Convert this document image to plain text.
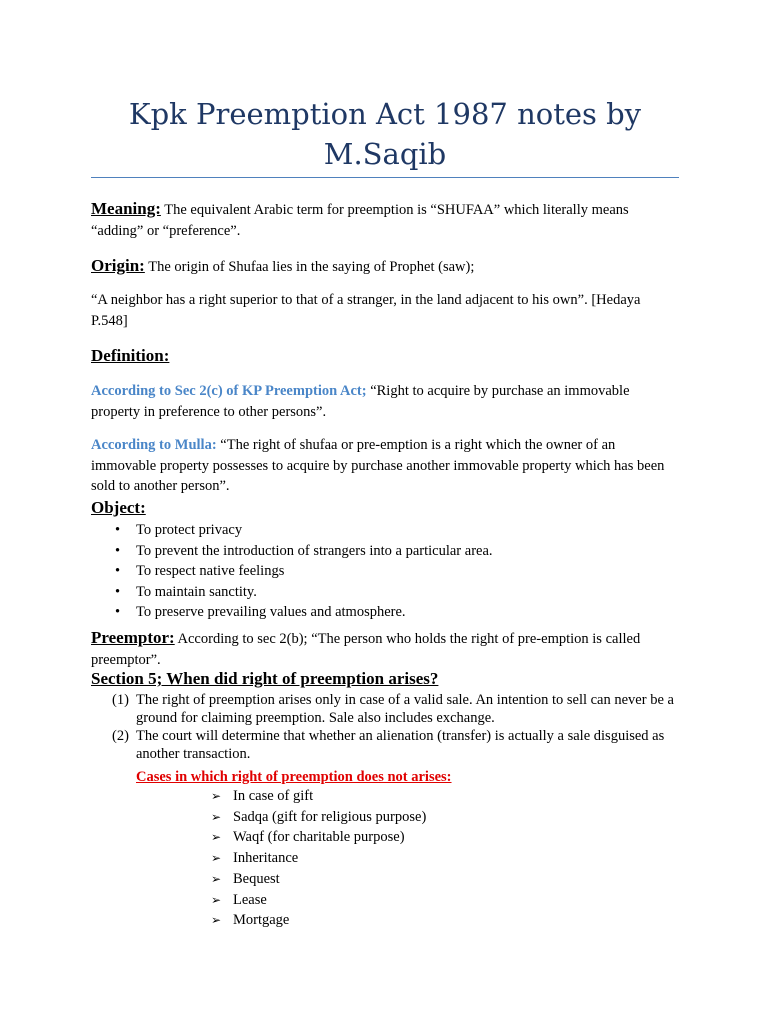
Kpk Preemption Act 1987 notes by M.Saqib

Meaning: The equivalent Arabic term for preemption is “SHUFAA” which literally means “adding” or “preference”.

Origin: The origin of Shufaa lies in the saying of Prophet (saw);

“A neighbor has a right superior to that of a stranger, in the land adjacent to his own”. [Hedaya P.548]

Definition:

According to Sec 2(c) of KP Preemption Act; “Right to acquire by purchase an immovable property in preference to other persons”.

According to Mulla: “The right of shufaa or pre-emption is a right which the owner of an immovable property possesses to acquire by purchase another immovable property which has been sold to another person”.

Object:

• To protect privacy
• To prevent the introduction of strangers into a particular area.
• To respect native feelings
• To maintain sanctity.
• To preserve prevailing values and atmosphere.

Preemptor: According to sec 2(b); “The person who holds the right of pre-emption is called preemptor”.

Section 5; When did right of preemption arises?

(1) The right of preemption arises only in case of a valid sale. An intention to sell can never be a ground for claiming preemption. Sale also includes exchange.
(2) The court will determine that whether an alienation (transfer) is actually a sale disguised as another transaction.

Cases in which right of preemption does not arises:

➢ In case of gift
➢ Sadqa (gift for religious purpose)
➢ Waqf (for charitable purpose)
➢ Inheritance
➢ Bequest
➢ Lease
➢ Mortgage
